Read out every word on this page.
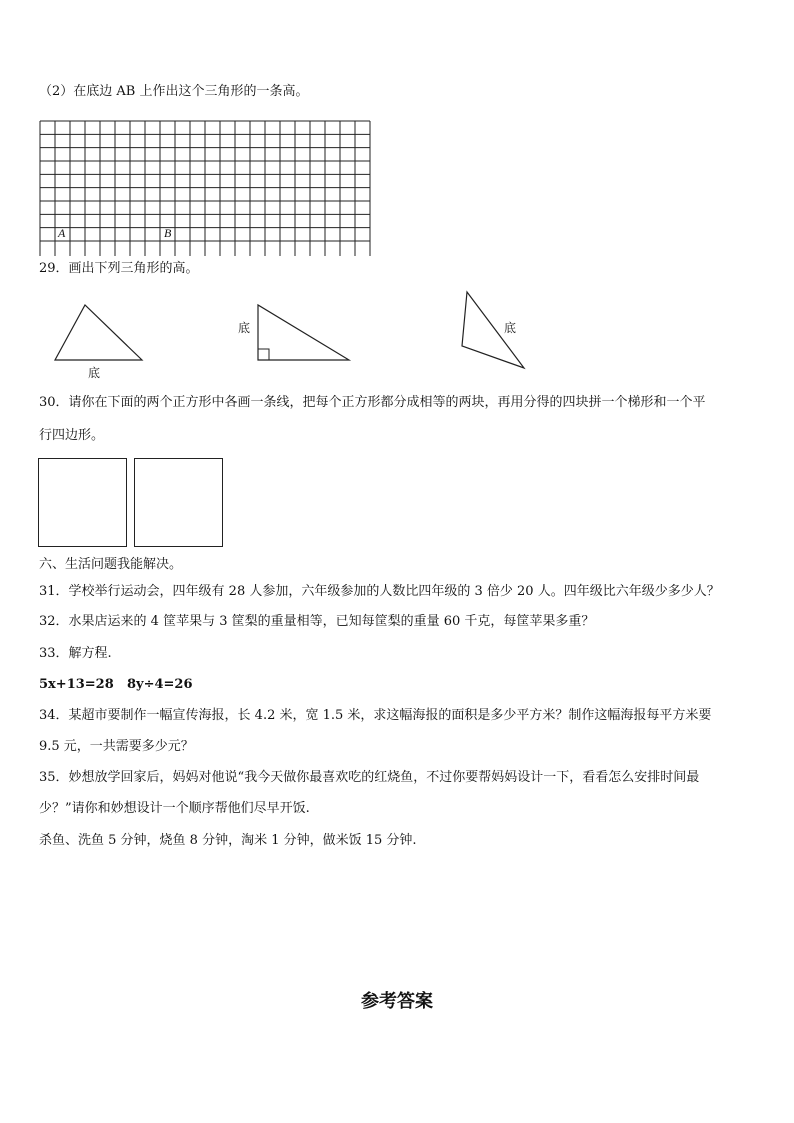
（2）在底边 AB 上作出这个三角形的一条高。
A	B
29．画出下列三角形的高。
底
底	底
30．请你在下面的两个正方形中各画一条线，把每个正方形都分成相等的两块，再用分得的四块拼一个梯形和一个平
行四边形。
六、生活问题我能解决。
31．学校举行运动会，四年级有 28 人参加，六年级参加的人数比四年级的 3 倍少 20 人。四年级比六年级少多少人？
32．水果店运来的 4 筐苹果与 3 筐梨的重量相等，已知每筐梨的重量 60 千克，每筐苹果多重？
33．解方程.
5x+13=28 8y÷4=26
34．某超市要制作一幅宣传海报，长 4.2 米，宽 1.5 米，求这幅海报的面积是多少平方米？制作这幅海报每平方米要
9.5 元，一共需要多少元？
35．妙想放学回家后，妈妈对他说“我今天做你最喜欢吃的红烧鱼，不过你要帮妈妈设计一下，看看怎么安排时间最
少？”请你和妙想设计一个顺序帮他们尽早开饭.
杀鱼、洗鱼 5 分钟，烧鱼 8 分钟，淘米 1 分钟，做米饭 15 分钟.
参考答案
